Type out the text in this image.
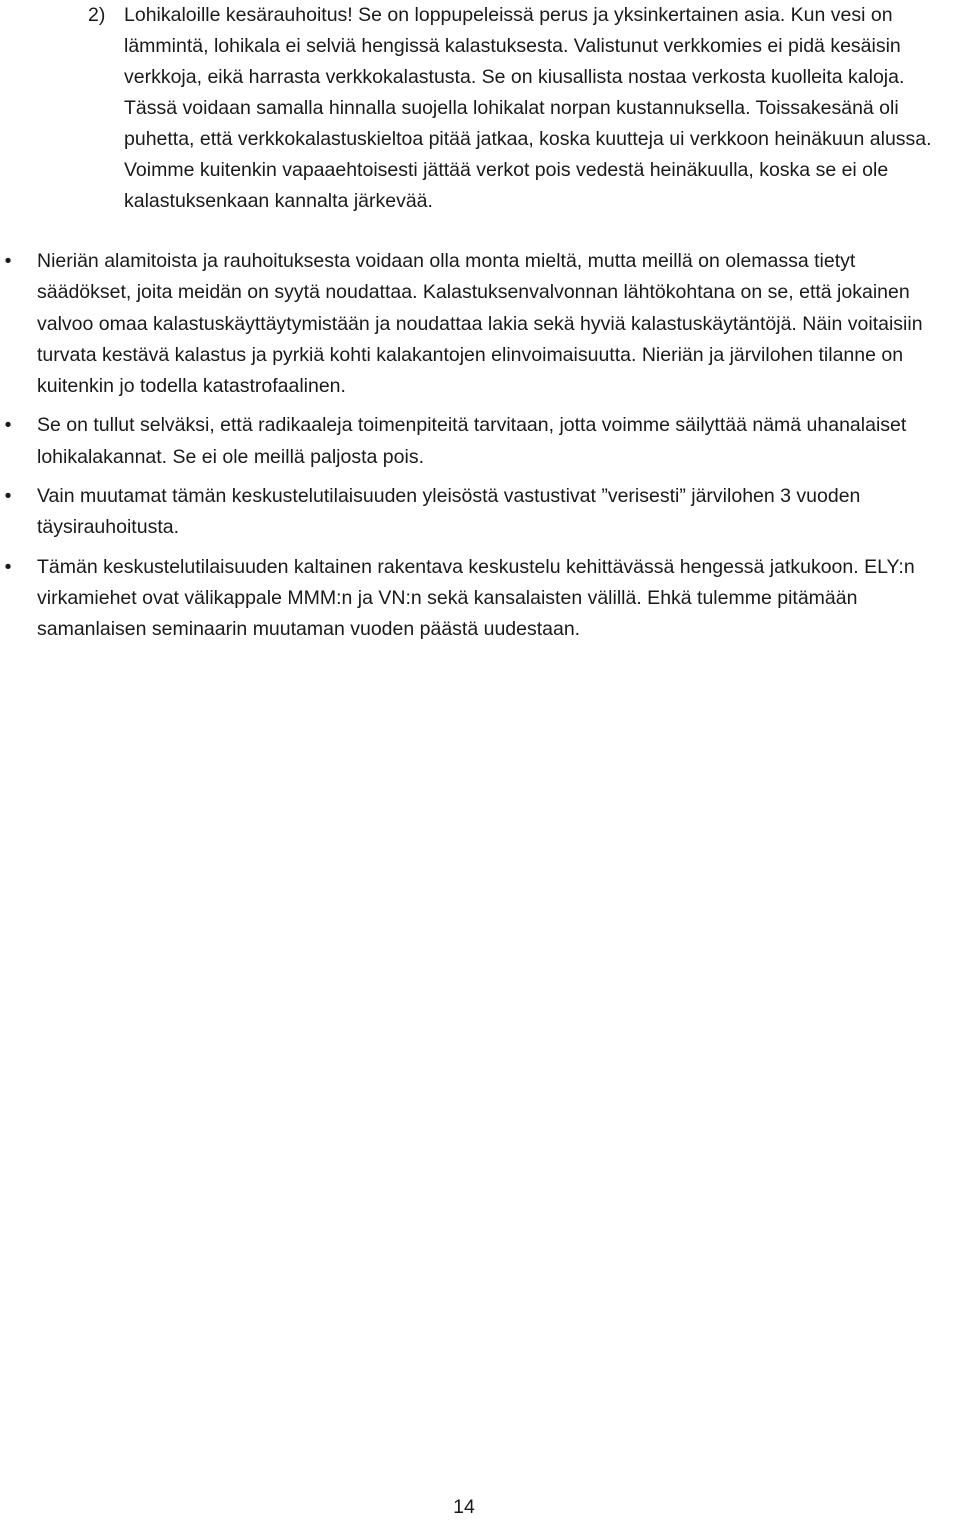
2) Lohikaloille kesärauhoitus! Se on loppupeleissä perus ja yksinkertainen asia. Kun vesi on lämmintä, lohikala ei selviä hengissä kalastuksesta. Valistunut verkkomies ei pidä kesäisin verkkoja, eikä harrasta verkkokalastusta. Se on kiusallista nostaa verkosta kuolleita kaloja. Tässä voidaan samalla hinnalla suojella lohikalat norpan kustannuksella. Toissakesänä oli puhetta, että verkkokalastuskieltoa pitää jatkaa, koska kuutteja ui verkkoon heinäkuun alussa. Voimme kuitenkin vapaaehtoisesti jättää verkot pois vedestä heinäkuulla, koska se ei ole kalastuksenkaan kannalta järkevää.
• Nieriän alamitoista ja rauhoituksesta voidaan olla monta mieltä, mutta meillä on olemassa tietyt säädökset, joita meidän on syytä noudattaa. Kalastuksenvalvonnan lähtökohtana on se, että jokainen valvoo omaa kalastuskäyttäytymistään ja noudattaa lakia sekä hyviä kalastuskäytäntöjä. Näin voitaisiin turvata kestävä kalastus ja pyrkiä kohti kalakantojen elinvoimaisuutta. Nieriän ja järvilohen tilanne on kuitenkin jo todella katastrofaalinen.
• Se on tullut selväksi, että radikaaleja toimenpiteitä tarvitaan, jotta voimme säilyttää nämä uhanalaiset lohikalakannat. Se ei ole meillä paljosta pois.
• Vain muutamat tämän keskustelutilaisuuden yleisöstä vastustivat ”verisesti” järvilohen 3 vuoden täysirauhoitusta.
• Tämän keskustelutilaisuuden kaltainen rakentava keskustelu kehittävässä hengessä jatkukoon. ELY:n virkamiehet ovat välikappale MMM:n ja VN:n sekä kansalaisten välillä. Ehkä tulemme pitämään samanlaisen seminaarin muutaman vuoden päästä uudestaan.
14
